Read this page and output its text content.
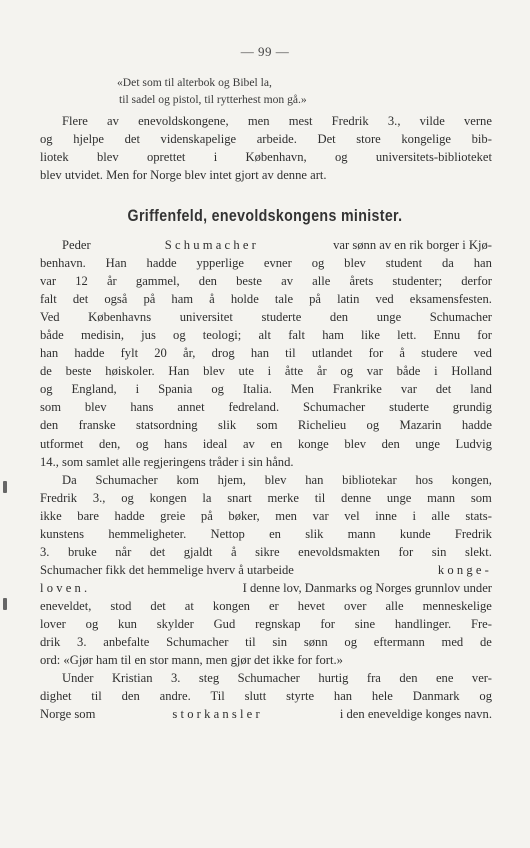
— 99 —
«Det som til alterbok og Bibel la,
til sadel og pistol, til rytterhest mon gå.»
Flere av enevoldskongene, men mest Fredrik 3., vilde verne
og hjelpe det videnskapelige arbeide. Det store kongelige bib-
liotek blev oprettet i København, og universitets-biblioteket
blev utvidet. Men for Norge blev intet gjort av denne art.
Griffenfeld, enevoldskongens minister.
Peder	Schumacher	var sønn av en rik borger i Kjø-
benhavn. Han hadde ypperlige evner og blev student da han
var 12 år gammel, den beste av alle årets studenter; derfor
falt det også på ham å holde tale på latin ved eksamensfesten.
Ved Københavns universitet studerte den unge Schumacher
både medisin, jus og teologi; alt falt ham like lett. Ennu for
han hadde fylt 20 år, drog han til utlandet for å studere ved
de beste høiskoler. Han blev ute i åtte år og var både i Holland
og England, i Spania og Italia. Men Frankrike var det land
som blev hans annet fedreland. Schumacher studerte grundig
den franske statsordning slik som Richelieu og Mazarin hadde
utformet den, og hans ideal av en konge blev den unge Ludvig
14., som samlet alle regjeringens tråder i sin hånd.
Da Schumacher kom hjem, blev han bibliotekar hos kongen,
Fredrik 3., og kongen la snart merke til denne unge mann som
ikke bare hadde greie på bøker, men var vel inne i alle stats-
kunstens hemmeligheter. Nettop en slik mann kunde Fredrik
3. bruke når det gjaldt å sikre enevoldsmakten for sin slekt.
Schumacher fikk det hemmelige hverv å utarbeide	konge-
loven.	I denne lov, Danmarks og Norges grunnlov under
eneveldet, stod det at kongen er hevet over alle menneskelige
lover og kun skylder Gud regnskap for sine handlinger. Fre-
drik 3. anbefalte Schumacher til sin sønn og eftermann med de
ord: «Gjør ham til en stor mann, men gjør det ikke for fort.»
Under Kristian 3. steg Schumacher hurtig fra den ene ver-
dighet til den andre. Til slutt styrte han hele Danmark og
Norge som	storkansler	i den eneveldige konges navn.
